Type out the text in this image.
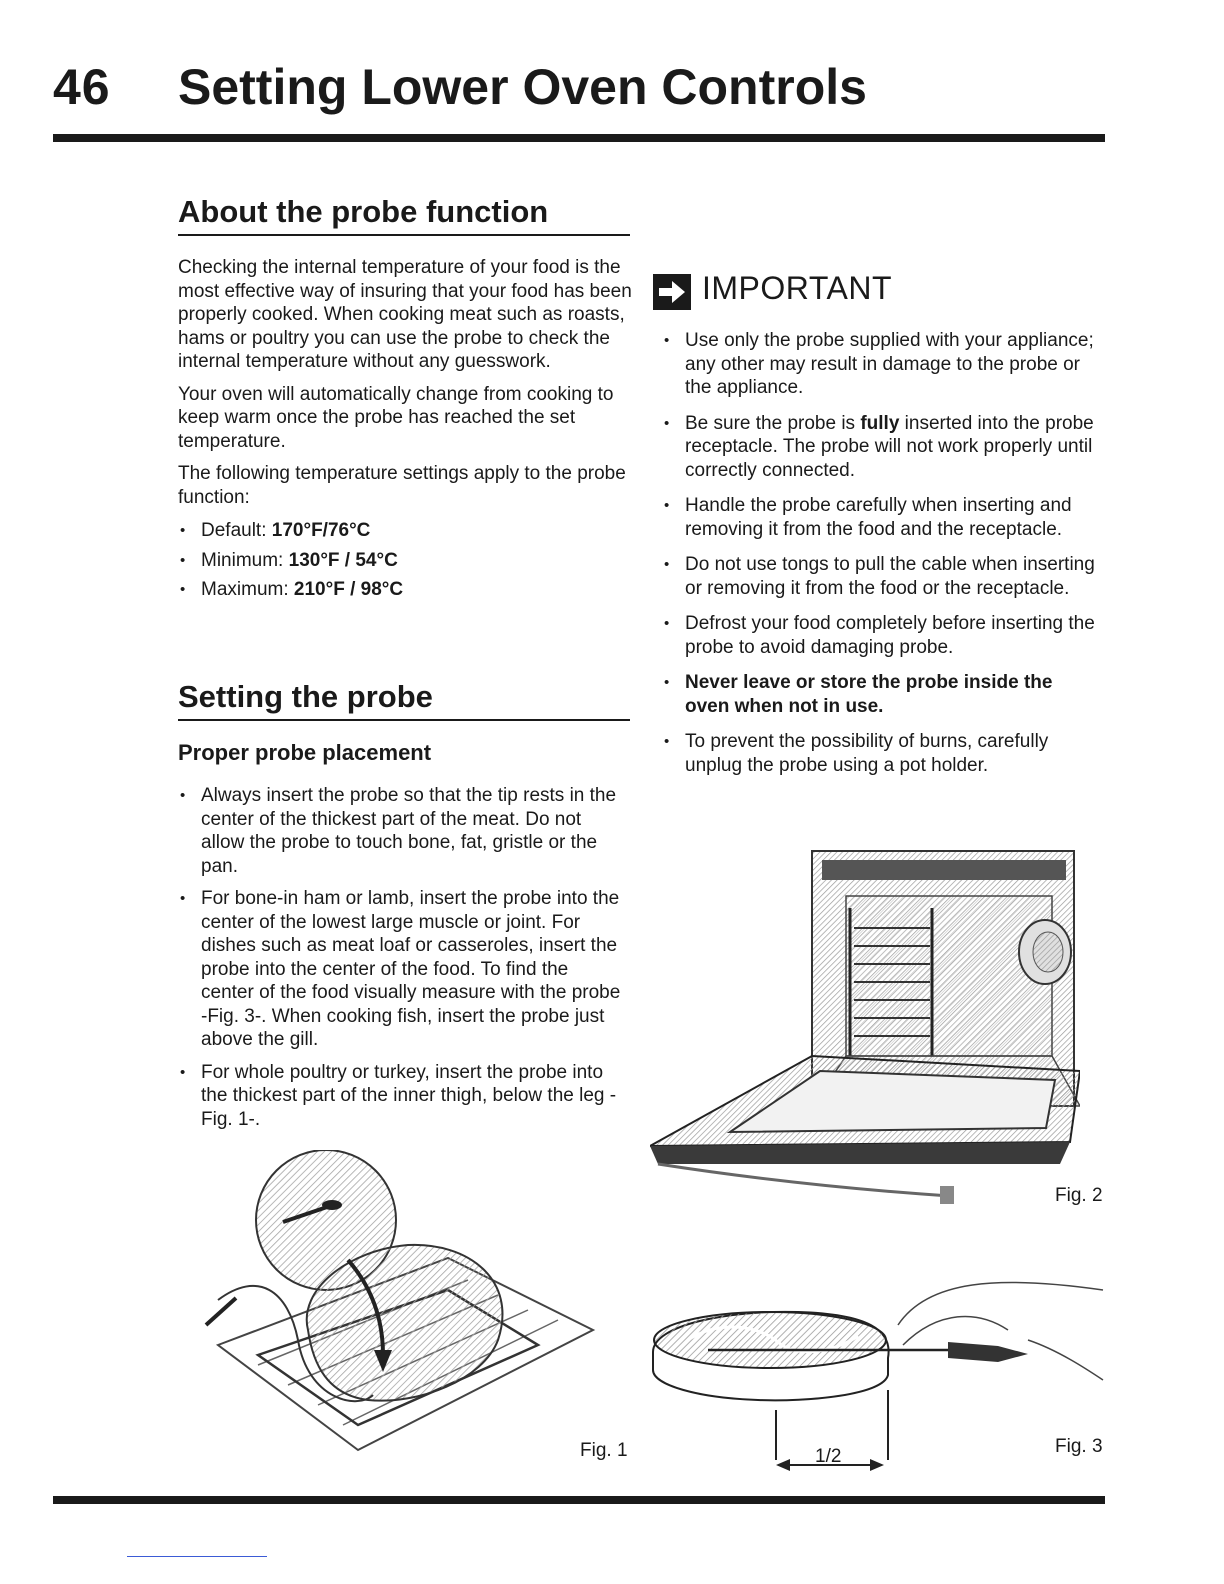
46 Setting Lower Oven Controls
About the probe function

Checking the internal temperature of your food is the most effective way of insuring that your food has been properly cooked. When cooking meat such as roasts, hams or poultry you can use the probe to check the internal temperature without any guesswork.

Your oven will automatically change from cooking to keep warm once the probe has reached the set temperature.

The following temperature settings apply to the probe function:

• Default: 170°F/76°C
• Minimum: 130°F / 54°C
• Maximum: 210°F / 98°C
Setting the probe
Proper probe placement
• Always insert the probe so that the tip rests in the center of the thickest part of the meat. Do not allow the probe to touch bone, fat, gristle or the pan.
• For bone-in ham or lamb, insert the probe into the center of the lowest large muscle or joint. For dishes such as meat loaf or casseroles, insert the probe into the center of the food. To find the center of the food visually measure with the probe -Fig. 3-. When cooking fish, insert the probe just above the gill.
• For whole poultry or turkey, insert the probe into the thickest part of the inner thigh, below the leg -Fig. 1-.
IMPORTANT
• Use only the probe supplied with your appliance; any other may result in damage to the probe or the appliance.
• Be sure the probe is fully inserted into the probe receptacle. The probe will not work properly until correctly connected.
• Handle the probe carefully when inserting and removing it from the food and the receptacle.
• Do not use tongs to pull the cable when inserting or removing it from the food or the receptacle.
• Defrost your food completely before inserting the probe to avoid damaging probe.
• Never leave or store the probe inside the oven when not in use.
• To prevent the possibility of burns, carefully unplug the probe using a pot holder.
Fig. 2
Fig. 1	1/2	Fig. 3
